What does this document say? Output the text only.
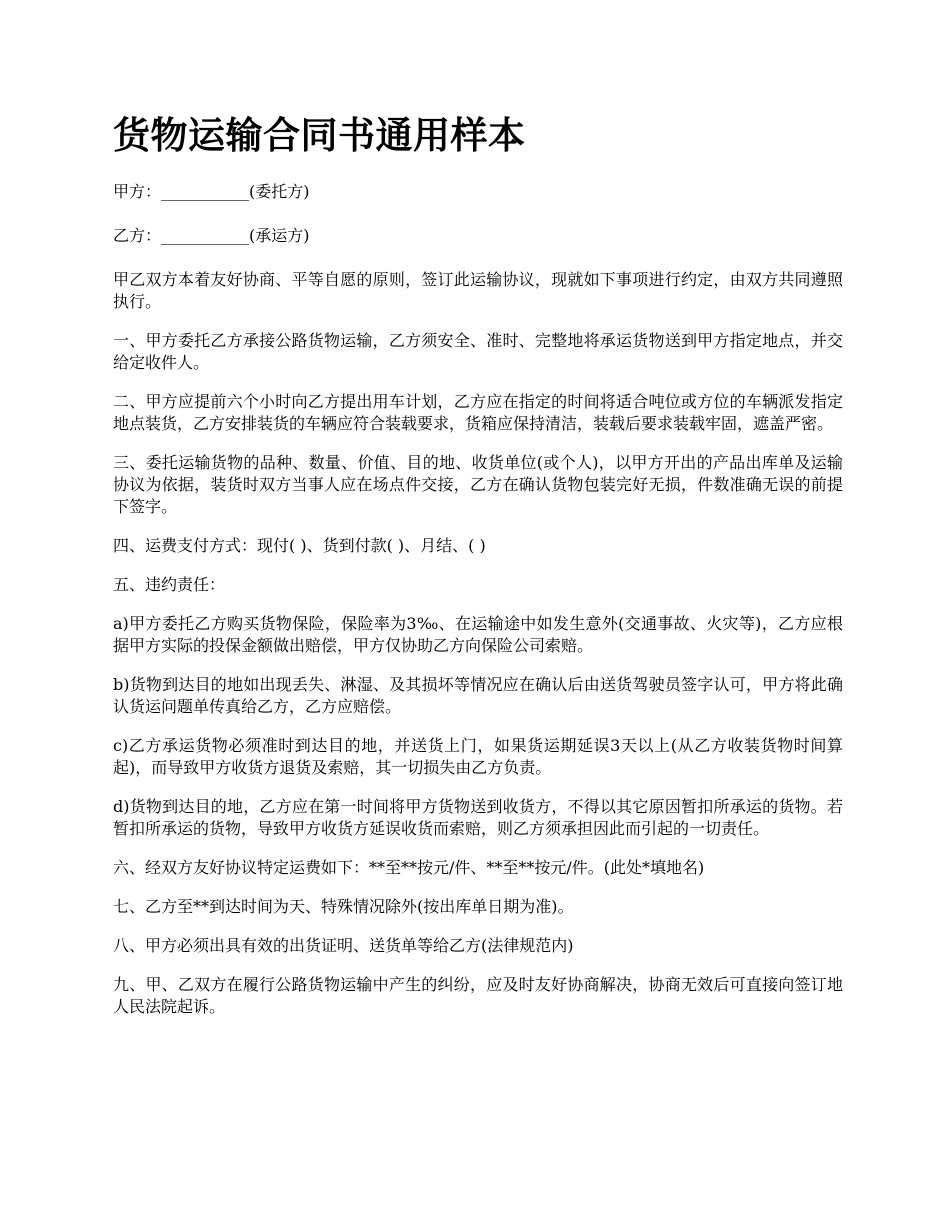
货物运输合同书通用样本

甲方：___________(委托方)

乙方：___________(承运方)

甲乙双方本着友好协商、平等自愿的原则，签订此运输协议，现就如下事项进行约定，由双方共同遵照执行。

一、甲方委托乙方承接公路货物运输，乙方须安全、准时、完整地将承运货物送到甲方指定地点，并交给定收件人。

二、甲方应提前六个小时向乙方提出用车计划，乙方应在指定的时间将适合吨位或方位的车辆派发指定地点装货，乙方安排装货的车辆应符合装载要求，货箱应保持清洁，装载后要求装载牢固，遮盖严密。

三、委托运输货物的品种、数量、价值、目的地、收货单位(或个人)，以甲方开出的产品出库单及运输协议为依据，装货时双方当事人应在场点件交接，乙方在确认货物包装完好无损，件数准确无误的前提下签字。

四、运费支付方式：现付( )、货到付款( )、月结、( )

五、违约责任：

a)甲方委托乙方购买货物保险，保险率为3‰、在运输途中如发生意外(交通事故、火灾等)，乙方应根据甲方实际的投保金额做出赔偿，甲方仅协助乙方向保险公司索赔。

b)货物到达目的地如出现丢失、淋湿、及其损坏等情况应在确认后由送货驾驶员签字认可，甲方将此确认货运问题单传真给乙方，乙方应赔偿。

c)乙方承运货物必须准时到达目的地，并送货上门，如果货运期延误3天以上(从乙方收装货物时间算起)，而导致甲方收货方退货及索赔，其一切损失由乙方负责。

d)货物到达目的地，乙方应在第一时间将甲方货物送到收货方，不得以其它原因暂扣所承运的货物。若暂扣所承运的货物，导致甲方收货方延误收货而索赔，则乙方须承担因此而引起的一切责任。

六、经双方友好协议特定运费如下：**至**按元/件、**至**按元/件。(此处*填地名)

七、乙方至**到达时间为天、特殊情况除外(按出库单日期为准)。

八、甲方必须出具有效的出货证明、送货单等给乙方(法律规范内)

九、甲、乙双方在履行公路货物运输中产生的纠纷，应及时友好协商解决，协商无效后可直接向签订地人民法院起诉。
